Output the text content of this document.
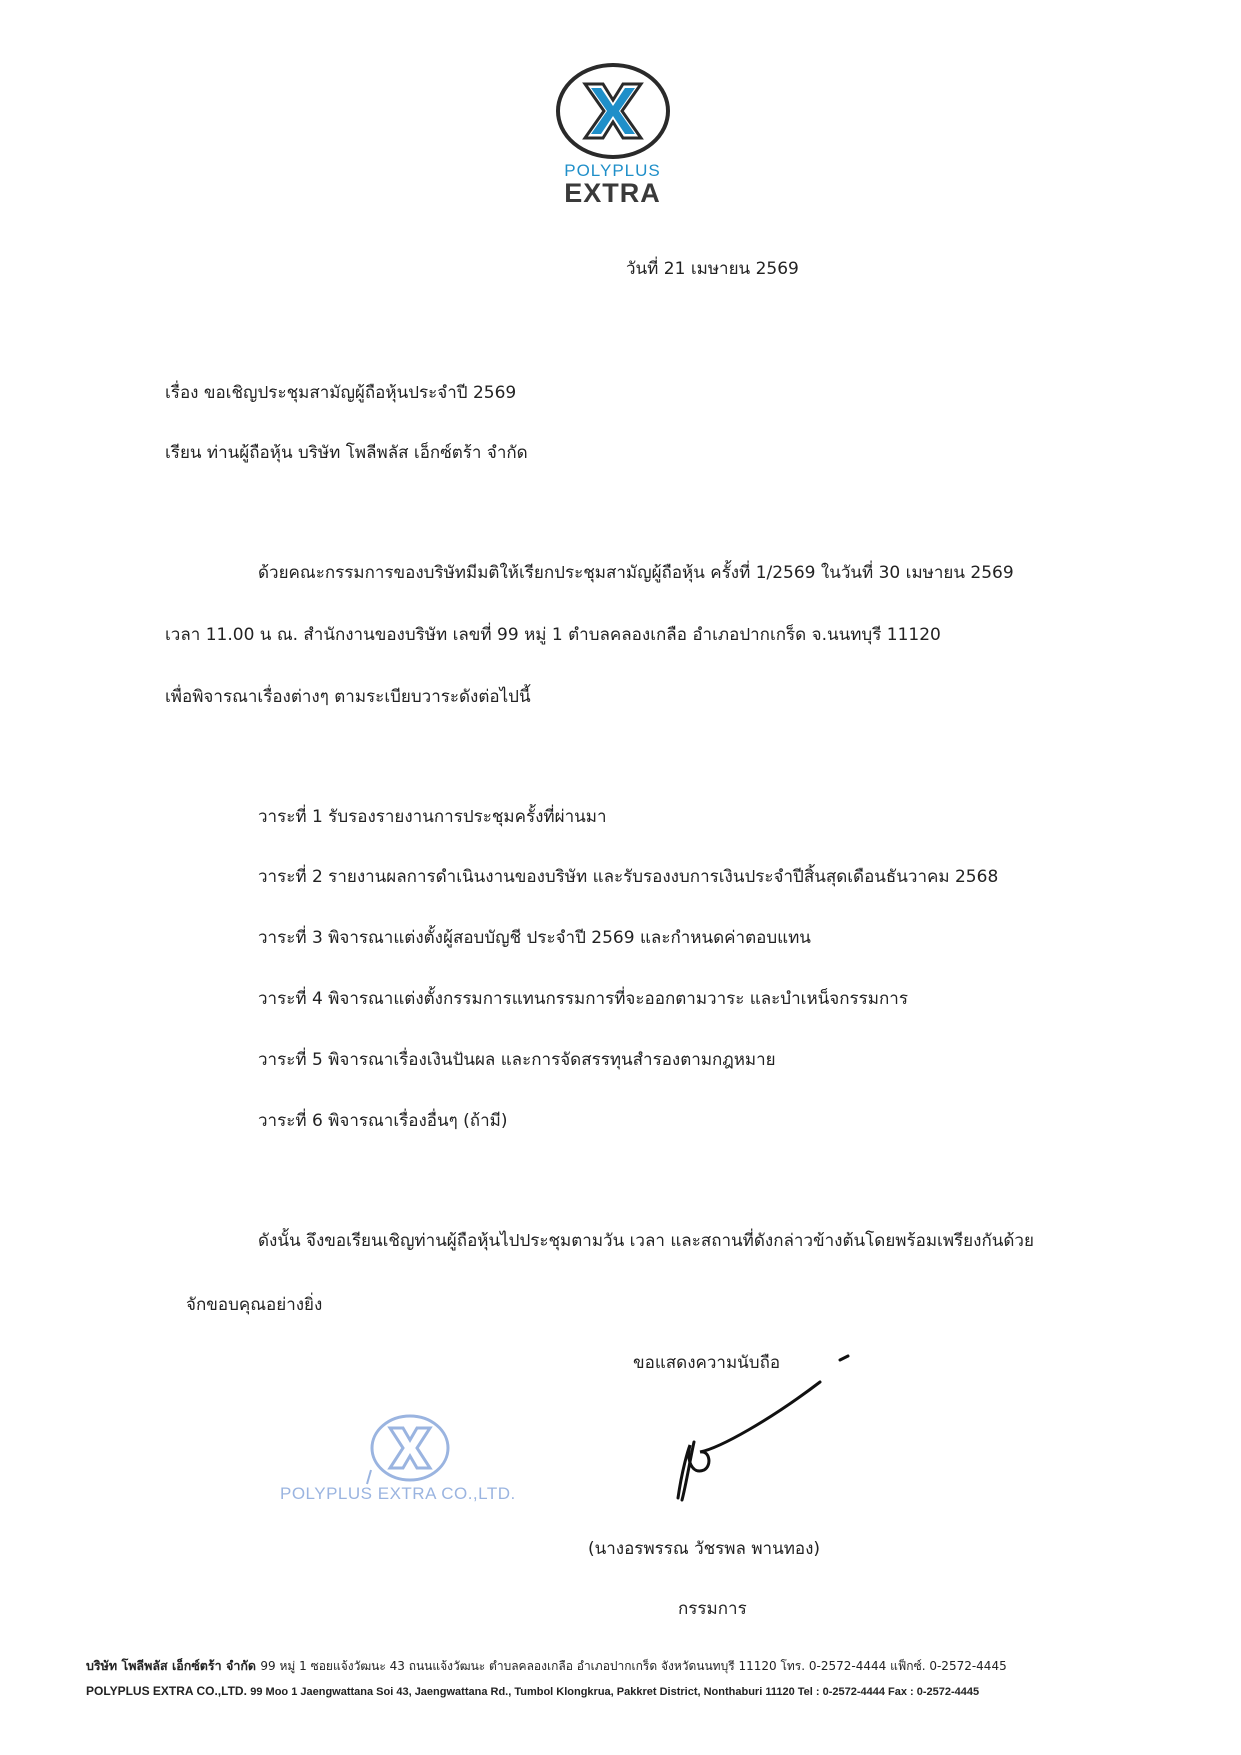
POLYPLUS
EXTRA
วันที่ 21 เมษายน 2569
เรื่อง ขอเชิญประชุมสามัญผู้ถือหุ้นประจำปี 2569
เรียน ท่านผู้ถือหุ้น บริษัท โพลีพลัส เอ็กซ์ตร้า จำกัด
ด้วยคณะกรรมการของบริษัทมีมติให้เรียกประชุมสามัญผู้ถือหุ้น ครั้งที่ 1/2569 ในวันที่ 30 เมษายน 2569
เวลา 11.00 น ณ. สำนักงานของบริษัท เลขที่ 99 หมู่ 1 ตำบลคลองเกลือ อำเภอปากเกร็ด จ.นนทบุรี 11120
เพื่อพิจารณาเรื่องต่างๆ ตามระเบียบวาระดังต่อไปนี้
วาระที่ 1 รับรองรายงานการประชุมครั้งที่ผ่านมา
วาระที่ 2 รายงานผลการดำเนินงานของบริษัท และรับรองงบการเงินประจำปีสิ้นสุดเดือนธันวาคม 2568
วาระที่ 3 พิจารณาแต่งตั้งผู้สอบบัญชี ประจำปี 2569 และกำหนดค่าตอบแทน
วาระที่ 4 พิจารณาแต่งตั้งกรรมการแทนกรรมการที่จะออกตามวาระ และบำเหน็จกรรมการ
วาระที่ 5 พิจารณาเรื่องเงินปันผล และการจัดสรรทุนสำรองตามกฎหมาย
วาระที่ 6 พิจารณาเรื่องอื่นๆ (ถ้ามี)
ดังนั้น จึงขอเรียนเชิญท่านผู้ถือหุ้นไปประชุมตามวัน เวลา และสถานที่ดังกล่าวข้างต้นโดยพร้อมเพรียงกันด้วย
จักขอบคุณอย่างยิ่ง
ขอแสดงความนับถือ
(นางอรพรรณ วัชรพล พานทอง)
กรรมการ
POLYPLUS EXTRA CO.,LTD.
บริษัท โพลีพลัส เอ็กซ์ตร้า จำกัด 99 หมู่ 1 ซอยแจ้งวัฒนะ 43 ถนนแจ้งวัฒนะ ตำบลคลองเกลือ อำเภอปากเกร็ด จังหวัดนนทบุรี 11120 โทร. 0-2572-4444 แฟ็กซ์. 0-2572-4445
POLYPLUS EXTRA CO.,LTD. 99 Moo 1 Jaengwattana Soi 43, Jaengwattana Rd., Tumbol Klongkrua, Pakkret District, Nonthaburi 11120 Tel : 0-2572-4444 Fax : 0-2572-4445
